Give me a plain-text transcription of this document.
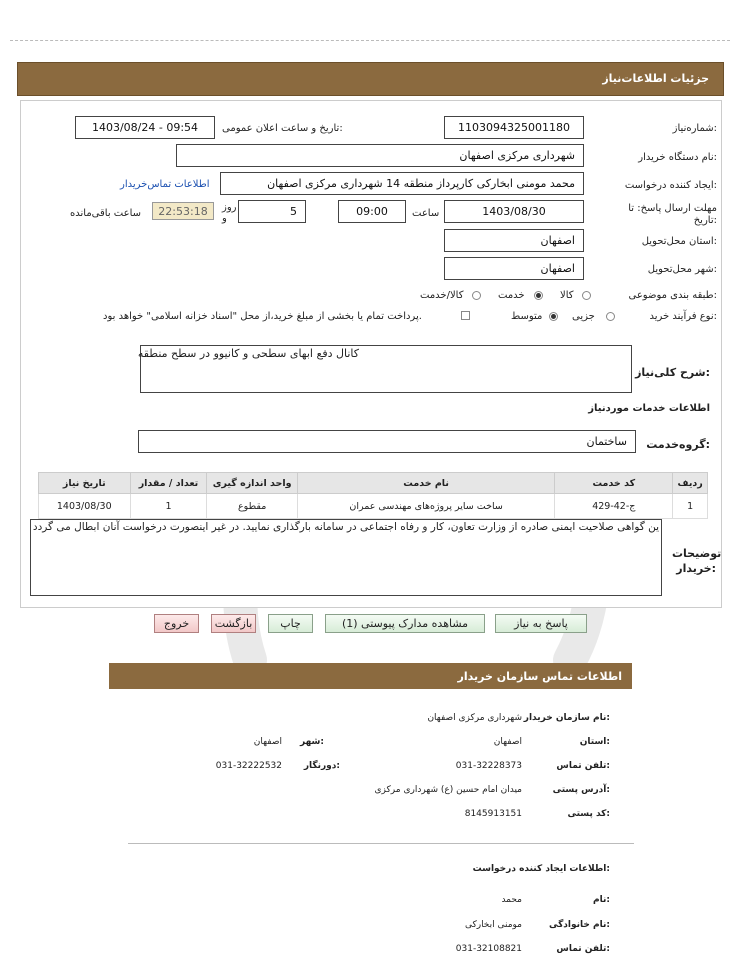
جزئیات اطلاعات‌نیاز
شماره‌نیاز:
1103094325001180
تاریخ و ساعت اعلان عمومی:
1403/08/24 - 09:54
نام دستگاه خریدار:
شهرداری مرکزی اصفهان
ایجاد کننده درخواست:
محمد مومنی ابخارکی کارپرداز منطقه 14 شهرداری مرکزی اصفهان
اطلاعات تماس‌خریدار
مهلت ارسال پاسخ: تا تاریخ:
1403/08/30
ساعت
09:00
5
روز و
22:53:18
ساعت باقی‌مانده
استان محل‌تحویل:
اصفهان
شهر محل‌تحویل:
اصفهان
طبقه بندی موضوعی:
کالا
خدمت
کالا/خدمت
نوع فرآیند خرید:
جزیی
متوسط
پرداخت تمام یا بخشی از مبلغ خرید،از محل "اسناد خزانه اسلامی" خواهد بود.
شرح کلی‌نیاز:
کانال دفع ابهای سطحی و کانیوو در سطح منطقه
اطلاعات خدمات موردنیاز
گروه‌خدمت:
ساختمان
تاریخ نیاز	تعداد / مقدار	واحد اندازه گیری	نام خدمت	کد خدمت	ردیف
1403/08/30	1	مقطوع	ساخت سایر پروژه‌های مهندسی عمران	ج-42-429	1
توضیحات خریدار:
ین گواهی صلاحیت ایمنی صادره از وزارت تعاون، کار و رفاه اجتماعی در سامانه بارگذاری نمایید. در غیر اینصورت درخواست آنان ابطال می گردد
پاسخ به نیاز
مشاهده مدارک پیوستی (1)
چاپ
بازگشت
خروج
اطلاعات تماس سازمان خریدار
نام سازمان خریدار:
شهرداری مرکزی اصفهان
استان:
اصفهان
شهر:
اصفهان
تلفن تماس:
031-32228373
دورنگار:
031-32222532
آدرس پستی:
میدان امام حسین (ع) شهرداری مرکزی
کد پستی:
8145913151
اطلاعات ایجاد کننده درخواست:
نام:
محمد
نام خانوادگی:
مومنی ابخارکی
تلفن تماس:
031-32108821
